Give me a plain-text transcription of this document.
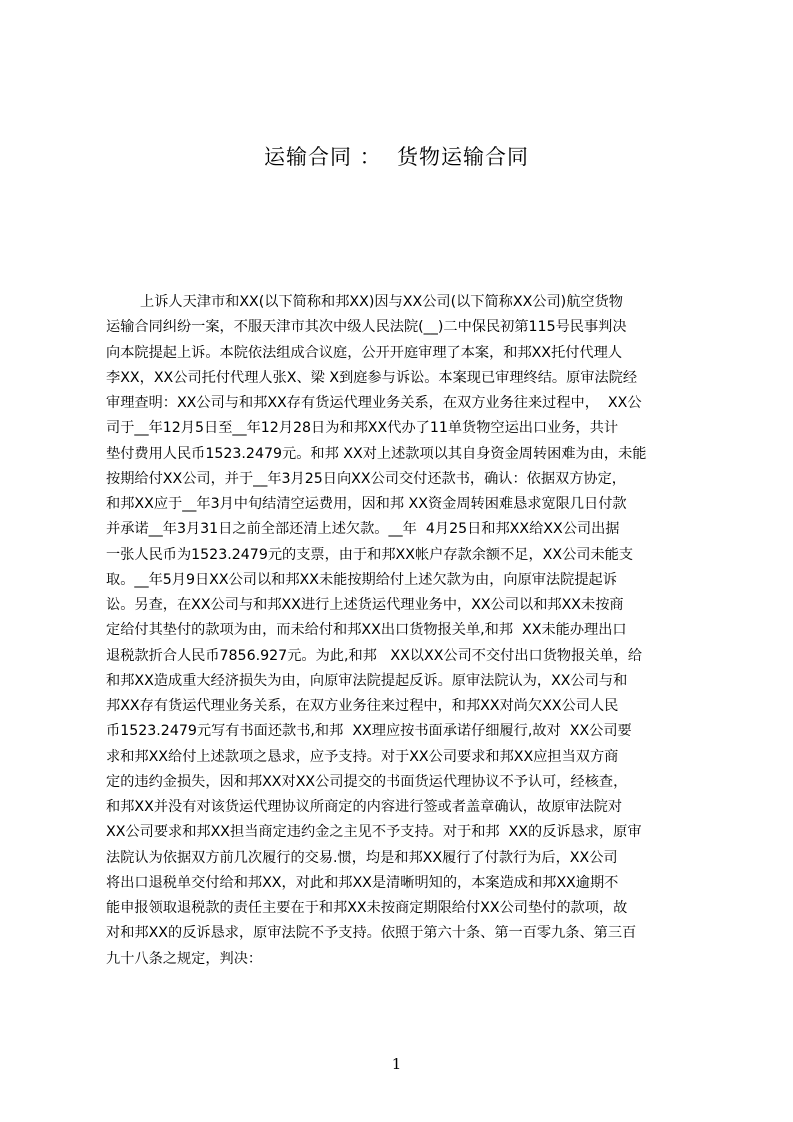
运输合同 ：  货物运输合同
上诉人天津市和XX(以下简称和邦XX)因与XX公司(以下简称XX公司)航空货物
运输合同纠纷一案，不服天津市其次中级人民法院(__)二中保民初第115号民事判决
向本院提起上诉。本院依法组成合议庭，公开开庭审理了本案，和邦XX托付代理人
李XX，XX公司托付代理人张X、梁 X到庭参与诉讼。本案现已审理终结。原审法院经
审理查明：XX公司与和邦XX存有货运代理业务关系，在双方业务往来过程中，  XX公
司于__年12月5日至__年12月28日为和邦XX代办了11单货物空运出口业务，共计
垫付费用人民币1523.2479元。和邦 XX对上述款项以其自身资金周转困难为由，未能
按期给付XX公司，并于__年3月25日向XX公司交付还款书，确认：依据双方协定，
和邦XX应于__年3月中旬结清空运费用，因和邦 XX资金周转困难恳求宽限几日付款
并承诺__年3月31日之前全部还清上述欠款。__年  4月25日和邦XX给XX公司出据
一张人民币为1523.2479元的支票，由于和邦XX帐户存款余额不足，XX公司未能支
取。__年5月9日XX公司以和邦XX未能按期给付上述欠款为由，向原审法院提起诉
讼。另查，在XX公司与和邦XX进行上述货运代理业务中，XX公司以和邦XX未按商
定给付其垫付的款项为由，而未给付和邦XX出口货物报关单,和邦  XX未能办理出口
退税款折合人民币7856.927元。为此,和邦   XX以XX公司不交付出口货物报关单，给
和邦XX造成重大经济损失为由，向原审法院提起反诉。原审法院认为，XX公司与和
邦XX存有货运代理业务关系，在双方业务往来过程中，和邦XX对尚欠XX公司人民
币1523.2479元写有书面还款书,和邦  XX理应按书面承诺仔细履行,故对  XX公司要
求和邦XX给付上述款项之恳求，应予支持。对于XX公司要求和邦XX应担当双方商
定的违约金损失，因和邦XX对XX公司提交的书面货运代理协议不予认可，经核查，
和邦XX并没有对该货运代理协议所商定的内容进行签或者盖章确认，故原审法院对
XX公司要求和邦XX担当商定违约金之主见不予支持。对于和邦  XX的反诉恳求，原审
法院认为依据双方前几次履行的交易.惯，均是和邦XX履行了付款行为后，XX公司
将出口退税单交付给和邦XX，对此和邦XX是清晰明知的，本案造成和邦XX逾期不
能申报领取退税款的责任主要在于和邦XX未按商定期限给付XX公司垫付的款项，故
对和邦XX的反诉恳求，原审法院不予支持。依照于第六十条、第一百零九条、第三百
九十八条之规定，判决：
1
